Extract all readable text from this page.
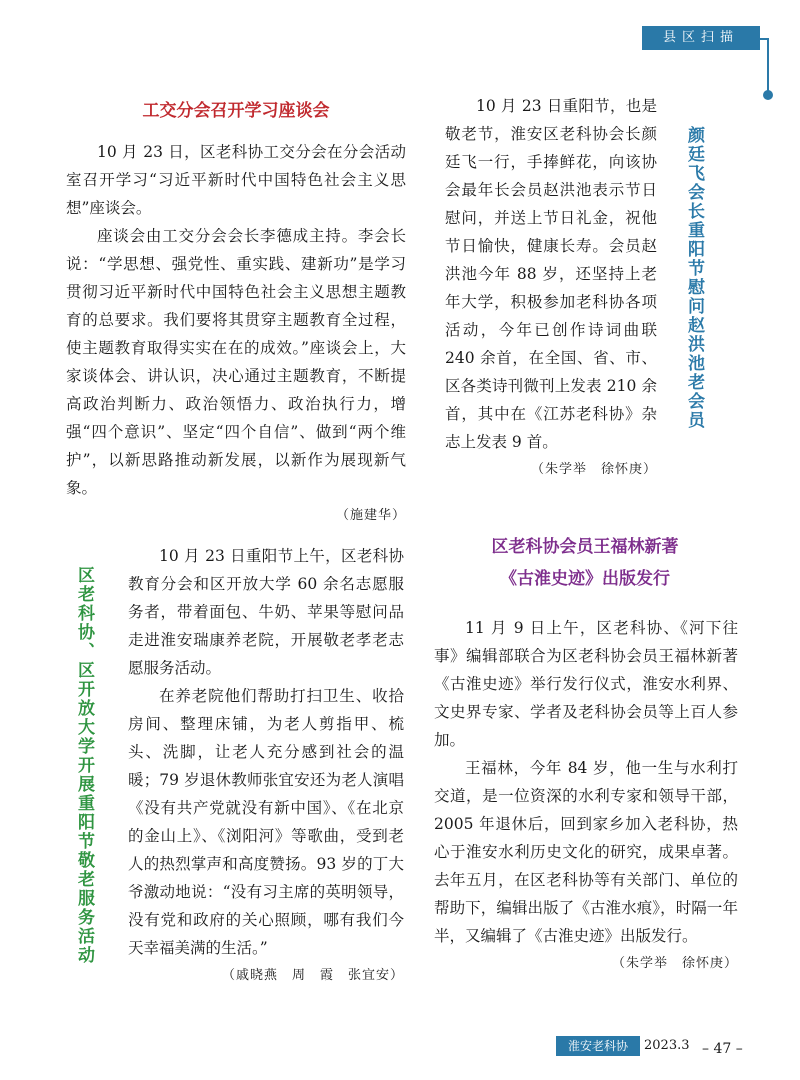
县区扫描
工交分会召开学习座谈会

10 月 23 日，区老科协工交分会在分会活动室召开学习“习近平新时代中国特色社会主义思想”座谈会。

座谈会由工交分会会长李德成主持。李会长说：“学思想、强党性、重实践、建新功”是学习贯彻习近平新时代中国特色社会主义思想主题教育的总要求。我们要将其贯穿主题教育全过程，使主题教育取得实实在在的成效。”座谈会上，大家谈体会、讲认识，决心通过主题教育，不断提高政治判断力、政治领悟力、政治执行力，增强“四个意识”、坚定“四个自信”、做到“两个维护”，以新思路推动新发展，以新作为展现新气象。

（施建华）

10 月 23 日重阳节，也是敬老节，淮安区老科协会长颜廷飞一行，手捧鲜花，向该协会最年长会员赵洪池表示节日慰问，并送上节日礼金，祝他节日愉快，健康长寿。会员赵洪池今年 88 岁，还坚持上老年大学，积极参加老科协各项活动，今年已创作诗词曲联 240 余首，在全国、省、市、区各类诗刊微刊上发表 210 余首，其中在《江苏老科协》杂志上发表 9 首。

（朱学举　徐怀庚）
颜廷飞会长重阳节慰问赵洪池老会员
区老科协、区开放大学开展重阳节敬老服务活动

10 月 23 日重阳节上午，区老科协教育分会和区开放大学 60 余名志愿服务者，带着面包、牛奶、苹果等慰问品走进淮安瑞康养老院，开展敬老孝老志愿服务活动。

在养老院他们帮助打扫卫生、收拾房间、整理床铺，为老人剪指甲、梳头、洗脚，让老人充分感到社会的温暖；79 岁退休教师张宜安还为老人演唱《没有共产党就没有新中国》、《在北京的金山上》、《浏阳河》等歌曲，受到老人的热烈掌声和高度赞扬。93 岁的丁大爷激动地说：“没有习主席的英明领导，没有党和政府的关心照顾，哪有我们今天幸福美满的生活。”

（戚晓燕　周　霞　张宜安）
区老科协会员王福林新著
《古淮史迹》出版发行

11 月 9 日上午，区老科协、《河下往事》编辑部联合为区老科协会员王福林新著《古淮史迹》举行发行仪式，淮安水利界、文史界专家、学者及老科协会员等上百人参加。

王福林，今年 84 岁，他一生与水利打交道，是一位资深的水利专家和领导干部，2005 年退休后，回到家乡加入老科协，热心于淮安水利历史文化的研究，成果卓著。去年五月，在区老科协等有关部门、单位的帮助下，编辑出版了《古淮水痕》，时隔一年半，又编辑了《古淮史迹》出版发行。

（朱学举　徐怀庚）
淮安老科协	2023.3 – 47 –
